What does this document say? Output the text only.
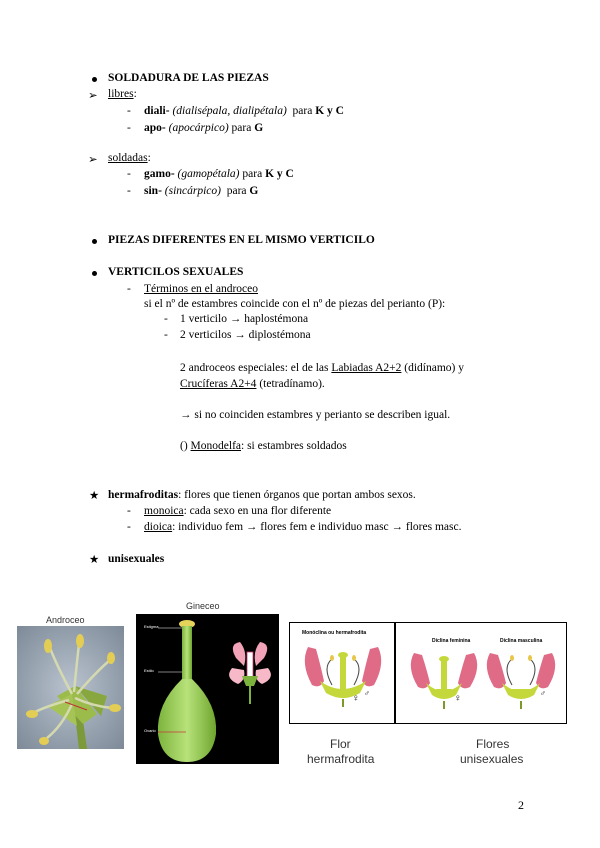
SOLDADURA DE LAS PIEZAS
➢ libres:
- diali- (dialisépala, dialipétala) para K y C
- apo- (apocárpico) para G
➢ soldadas:
- gamo- (gamopétala) para K y C
- sin- (sincárpico) para G
PIEZAS DIFERENTES EN EL MISMO VERTICILO
VERTICILOS SEXUALES
- Términos en el androceo
si el nº de estambres coincide con el nº de piezas del perianto (P):
- 1 verticilo → haplostémona
- 2 verticilos → diplostémona
2 androceos especiales: el de las Labiadas A2+2 (didínamo) y
Crucíferas A2+4 (tetradínamo).
→ si no coinciden estambres y perianto se describen igual.
() Monodelfa: si estambres soldados
★ hermafroditas: flores que tienen órganos que portan ambos sexos.
- monoica: cada sexo en una flor diferente
- dioica: individuo fem → flores fem e individuo masc → flores masc.
★ unisexuales
Androceo
Gineceo
Estigma
Estilo
Ovario
Monóclina ou hermafrodita
Díclina feminina	Díclina masculina
♀ ♂	♀	♂
Flor
hermafrodita
Flores
unisexuales
2
